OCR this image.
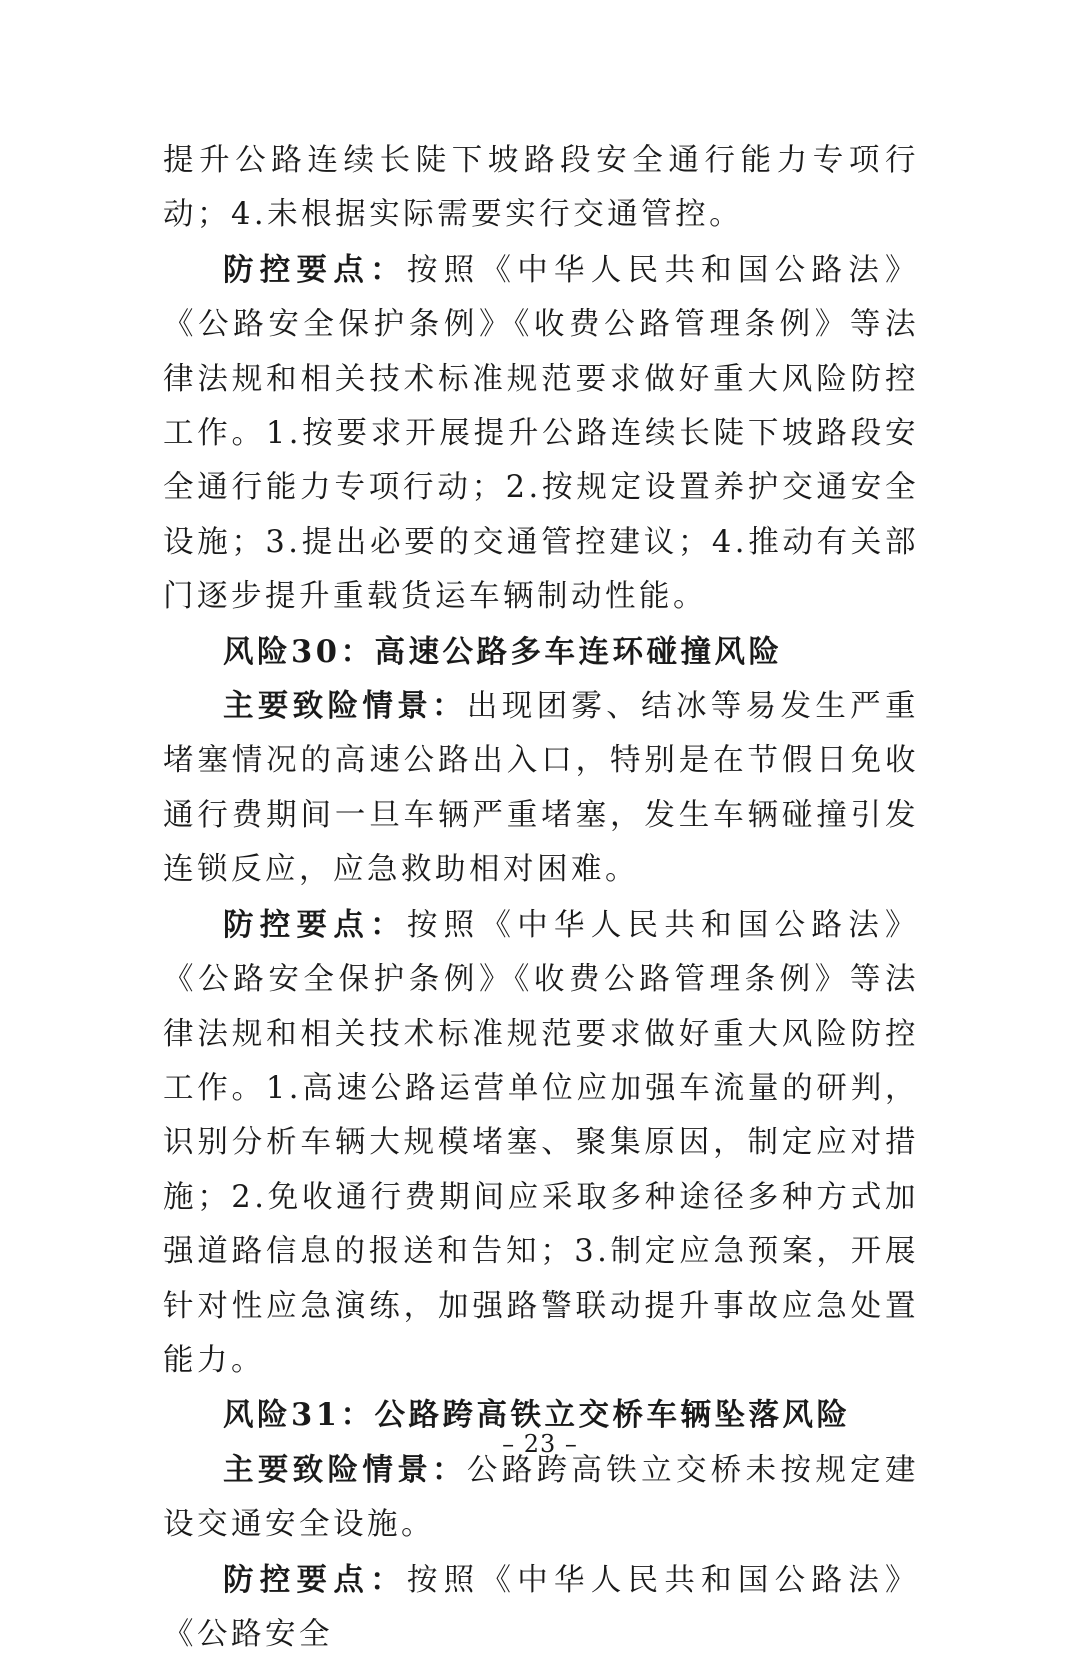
提升公路连续长陡下坡路段安全通行能力专项行动；4.未根据实际需要实行交通管控。

防控要点：按照《中华人民共和国公路法》《公路安全保护条例》《收费公路管理条例》等法律法规和相关技术标准规范要求做好重大风险防控工作。1.按要求开展提升公路连续长陡下坡路段安全通行能力专项行动；2.按规定设置养护交通安全设施；3.提出必要的交通管控建议；4.推动有关部门逐步提升重载货运车辆制动性能。

风险30：高速公路多车连环碰撞风险

主要致险情景：出现团雾、结冰等易发生严重堵塞情况的高速公路出入口，特别是在节假日免收通行费期间一旦车辆严重堵塞，发生车辆碰撞引发连锁反应，应急救助相对困难。

防控要点：按照《中华人民共和国公路法》《公路安全保护条例》《收费公路管理条例》等法律法规和相关技术标准规范要求做好重大风险防控工作。1.高速公路运营单位应加强车流量的研判，识别分析车辆大规模堵塞、聚集原因，制定应对措施；2.免收通行费期间应采取多种途径多种方式加强道路信息的报送和告知；3.制定应急预案，开展针对性应急演练，加强路警联动提升事故应急处置能力。

风险31：公路跨高铁立交桥车辆坠落风险

主要致险情景：公路跨高铁立交桥未按规定建设交通安全设施。

防控要点：按照《中华人民共和国公路法》《公路安全

– 23 –
